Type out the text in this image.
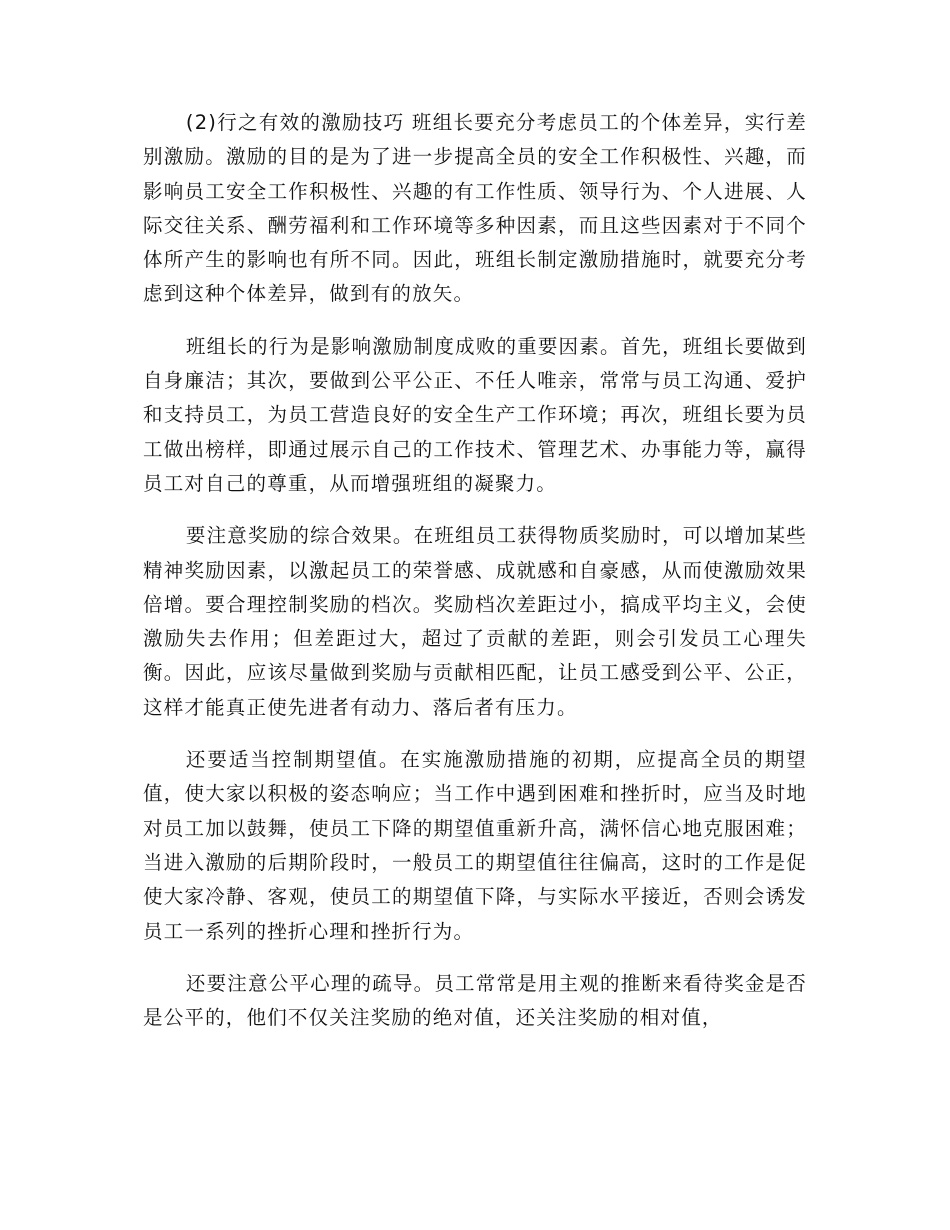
(2)行之有效的激励技巧 班组长要充分考虑员工的个体差异，实行差别激励。激励的目的是为了进一步提高全员的安全工作积极性、兴趣，而影响员工安全工作积极性、兴趣的有工作性质、领导行为、个人进展、人际交往关系、酬劳福利和工作环境等多种因素，而且这些因素对于不同个体所产生的影响也有所不同。因此，班组长制定激励措施时，就要充分考虑到这种个体差异，做到有的放矢。

班组长的行为是影响激励制度成败的重要因素。首先，班组长要做到自身廉洁；其次，要做到公平公正、不任人唯亲，常常与员工沟通、爱护和支持员工，为员工营造良好的安全生产工作环境；再次，班组长要为员工做出榜样，即通过展示自己的工作技术、管理艺术、办事能力等，赢得员工对自己的尊重，从而增强班组的凝聚力。

要注意奖励的综合效果。在班组员工获得物质奖励时，可以增加某些精神奖励因素，以激起员工的荣誉感、成就感和自豪感，从而使激励效果倍增。要合理控制奖励的档次。奖励档次差距过小，搞成平均主义，会使激励失去作用；但差距过大，超过了贡献的差距，则会引发员工心理失衡。因此，应该尽量做到奖励与贡献相匹配，让员工感受到公平、公正，这样才能真正使先进者有动力、落后者有压力。

还要适当控制期望值。在实施激励措施的初期，应提高全员的期望值，使大家以积极的姿态响应；当工作中遇到困难和挫折时，应当及时地对员工加以鼓舞，使员工下降的期望值重新升高，满怀信心地克服困难；当进入激励的后期阶段时，一般员工的期望值往往偏高，这时的工作是促使大家冷静、客观，使员工的期望值下降，与实际水平接近，否则会诱发员工一系列的挫折心理和挫折行为。

还要注意公平心理的疏导。员工常常是用主观的推断来看待奖金是否是公平的，他们不仅关注奖励的绝对值，还关注奖励的相对值，
